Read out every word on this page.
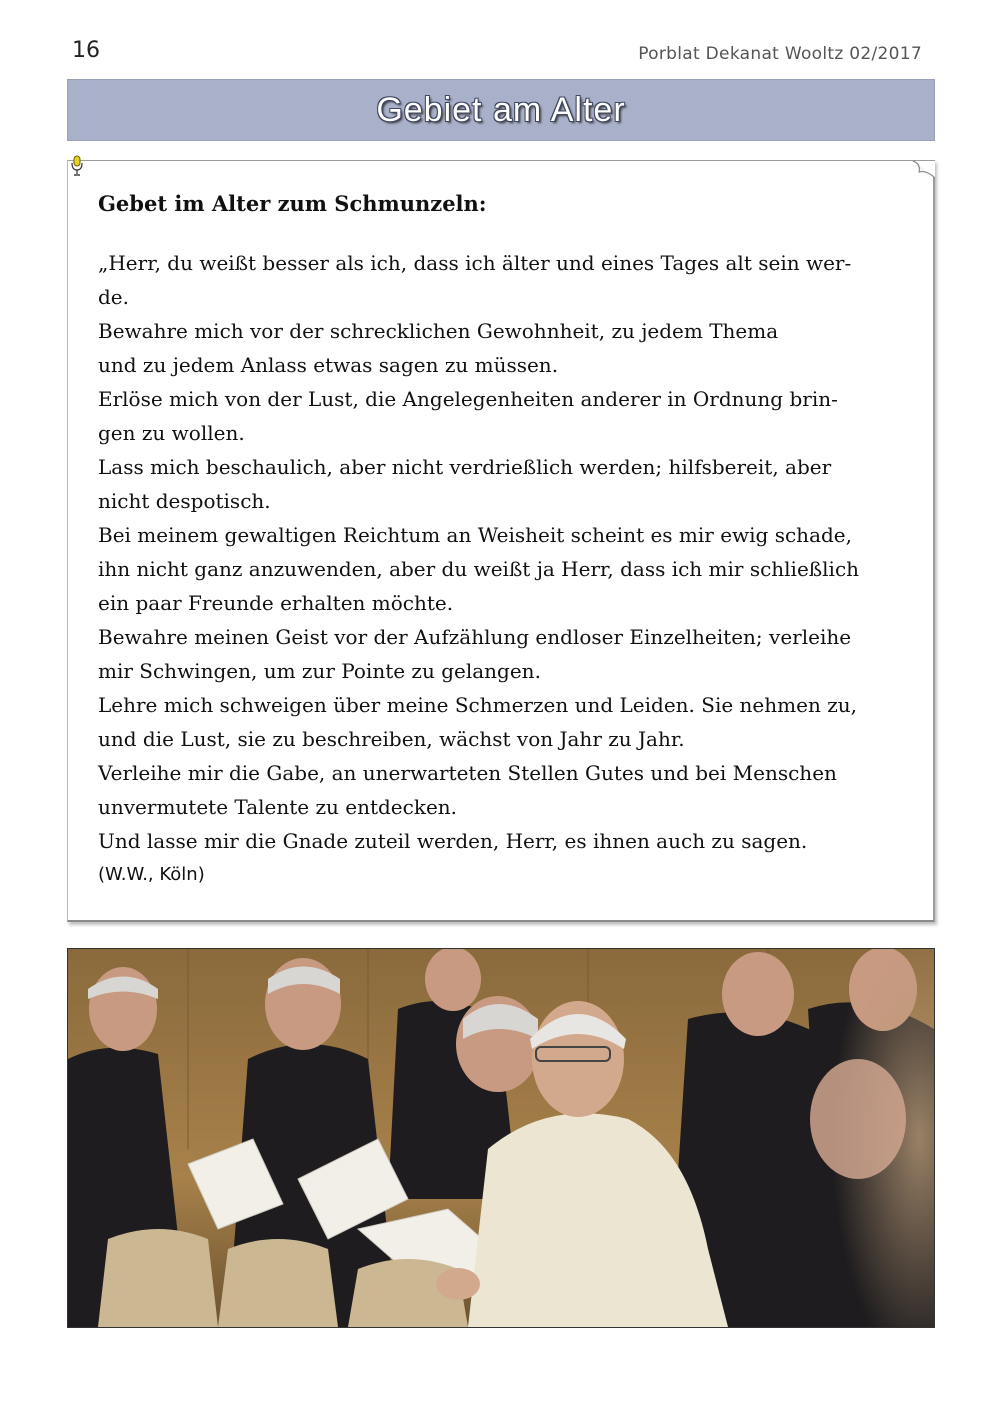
16	Porblat Dekanat Wooltz 02/2017
Gebiet am Alter
Gebet im Alter zum Schmunzeln:

„Herr, du weißt besser als ich, dass ich älter und eines Tages alt sein wer-

de.

Bewahre mich vor der schrecklichen Gewohnheit, zu jedem Thema

und zu jedem Anlass etwas sagen zu müssen.

Erlöse mich von der Lust, die Angelegenheiten anderer in Ordnung brin-

gen zu wollen.

Lass mich beschaulich, aber nicht verdrießlich werden; hilfsbereit, aber

nicht despotisch.

Bei meinem gewaltigen Reichtum an Weisheit scheint es mir ewig schade,

ihn nicht ganz anzuwenden, aber du weißt ja Herr, dass ich mir schließlich

ein paar Freunde erhalten möchte.

Bewahre meinen Geist vor der Aufzählung endloser Einzelheiten; verleihe

mir Schwingen, um zur Pointe zu gelangen.

Lehre mich schweigen über meine Schmerzen und Leiden. Sie nehmen zu,

und die Lust, sie zu beschreiben, wächst von Jahr zu Jahr.

Verleihe mir die Gabe, an unerwarteten Stellen Gutes und bei Menschen

unvermutete Talente zu entdecken.

Und lasse mir die Gnade zuteil werden, Herr, es ihnen auch zu sagen.

(W.W., Köln)
